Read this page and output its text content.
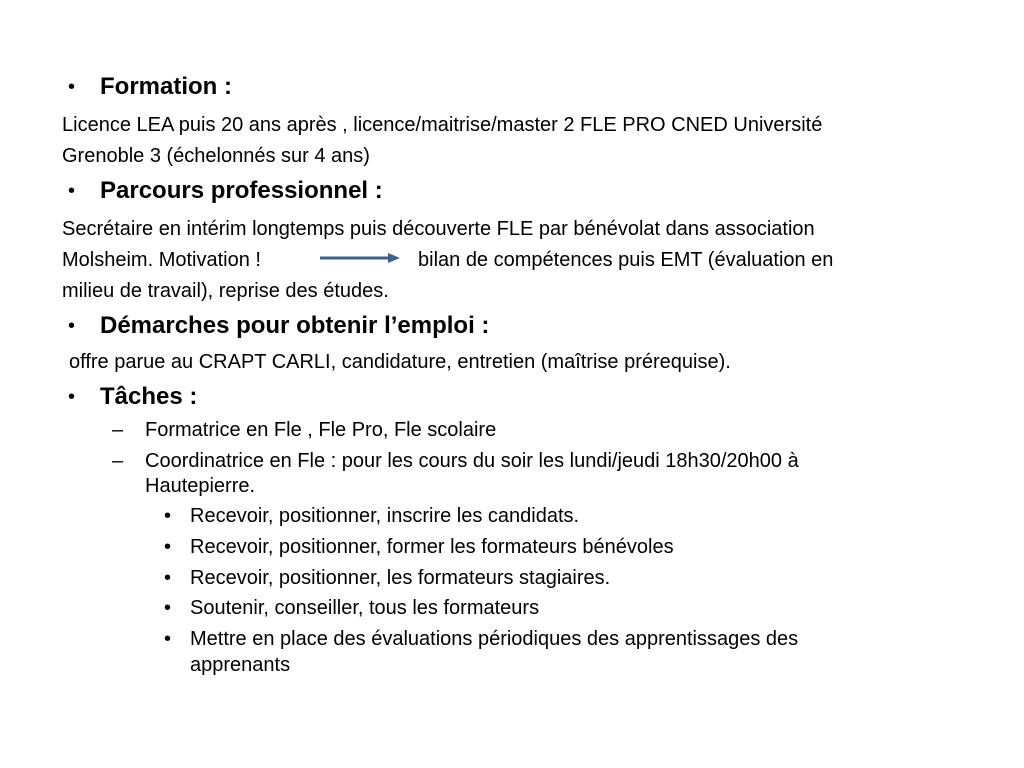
• Formation :
Licence LEA puis 20 ans après , licence/maitrise/master 2 FLE PRO CNED Université
Grenoble 3 (échelonnés sur 4 ans)
• Parcours professionnel :
Secrétaire en intérim longtemps puis découverte FLE par bénévolat dans association
Molsheim. Motivation !	bilan de compétences puis EMT (évaluation en
milieu de travail), reprise des études.
• Démarches pour obtenir l’emploi :
offre parue au CRAPT CARLI, candidature, entretien (maîtrise prérequise).
• Tâches :
– Formatrice en Fle , Fle Pro, Fle scolaire
– Coordinatrice en Fle : pour les cours du soir les lundi/jeudi 18h30/20h00 à
Hautepierre.
• Recevoir, positionner, inscrire les candidats.
• Recevoir, positionner, former les formateurs bénévoles
• Recevoir, positionner, les formateurs stagiaires.
• Soutenir, conseiller, tous les formateurs
• Mettre en place des évaluations périodiques des apprentissages des
apprenants
